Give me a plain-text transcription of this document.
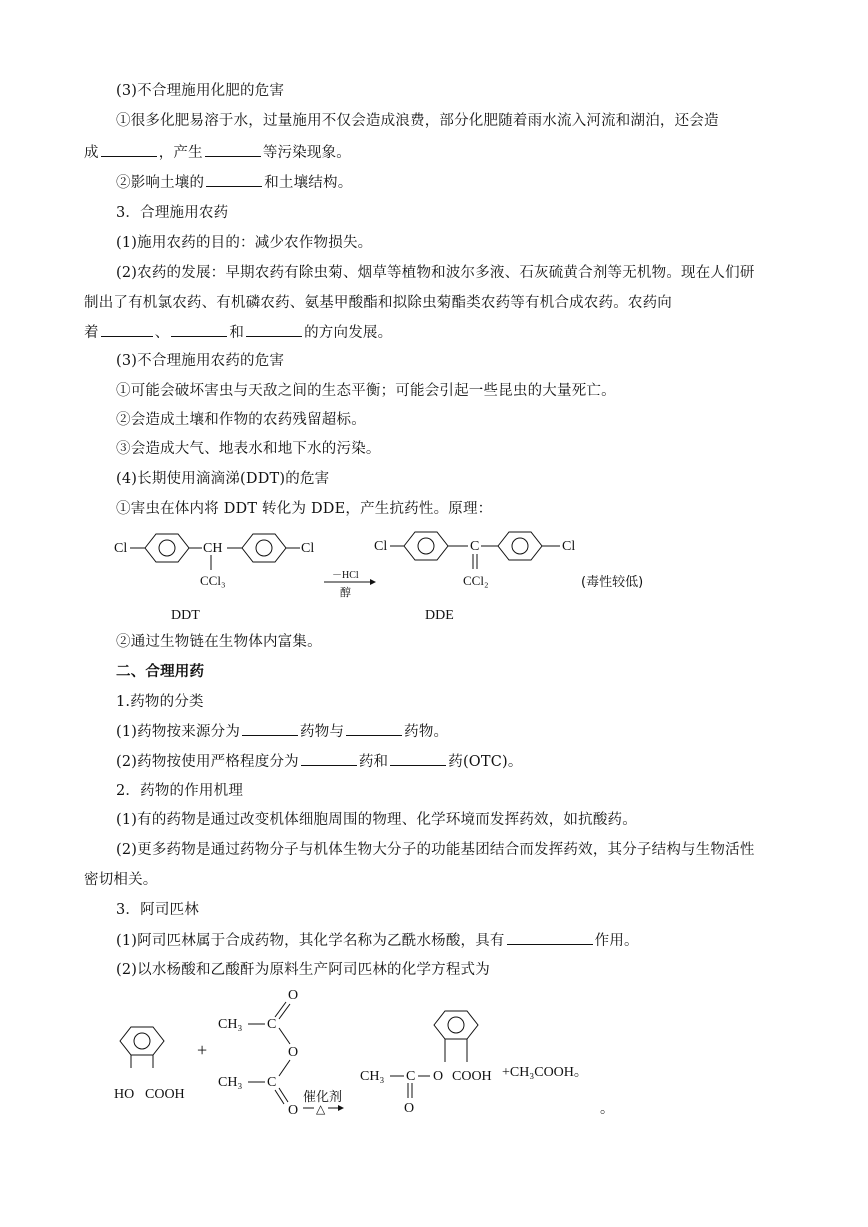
(3)不合理施用化肥的危害
①很多化肥易溶于水，过量施用不仅会造成浪费，部分化肥随着雨水流入河流和湖泊，还会造
成	，产生	等污染现象。
②影响土壤的	和土壤结构。
3．合理施用农药
(1)施用农药的目的：减少农作物损失。
(2)农药的发展：早期农药有除虫菊、烟草等植物和波尔多液、石灰硫黄合剂等无机物。现在人们研
制出了有机氯农药、有机磷农药、氨基甲酸酯和拟除虫菊酯类农药等有机合成农药。农药向
着	、	和	的方向发展。
(3)不合理施用农药的危害
①可能会破坏害虫与天敌之间的生态平衡；可能会引起一些昆虫的大量死亡。
②会造成土壤和作物的农药残留超标。
③会造成大气、地表水和地下水的污染。
(4)长期使用滴滴涕(DDT)的危害
①害虫在体内将 DDT 转化为 DDE，产生抗药性。原理：
Cl	CH	Cl
CCl₃	－HCl
醇
Cl	C	Cl
CCl₂	(毒性较低)
DDT	DDE
②通过生物链在生物体内富集。
二、合理用药
1.药物的分类
(1)药物按来源分为	药物与	药物。
(2)药物按使用严格程度分为	药和	药(OTC)。
2．药物的作用机理
(1)有的药物是通过改变机体细胞周围的物理、化学环境而发挥药效，如抗酸药。
(2)更多药物是通过药物分子与机体生物大分子的功能基团结合而发挥药效，其分子结构与生物活性
密切相关。
3．阿司匹林
(1)阿司匹林属于合成药物，其化学名称为乙酰水杨酸，具有	作用。
(2)以水杨酸和乙酸酐为原料生产阿司匹林的化学方程式为
HO COOH
+
O
CH₃ C
O
CH₃ C
O
催化剂
△
CH₃ C O COOH
O
+CH₃COOH。
。
